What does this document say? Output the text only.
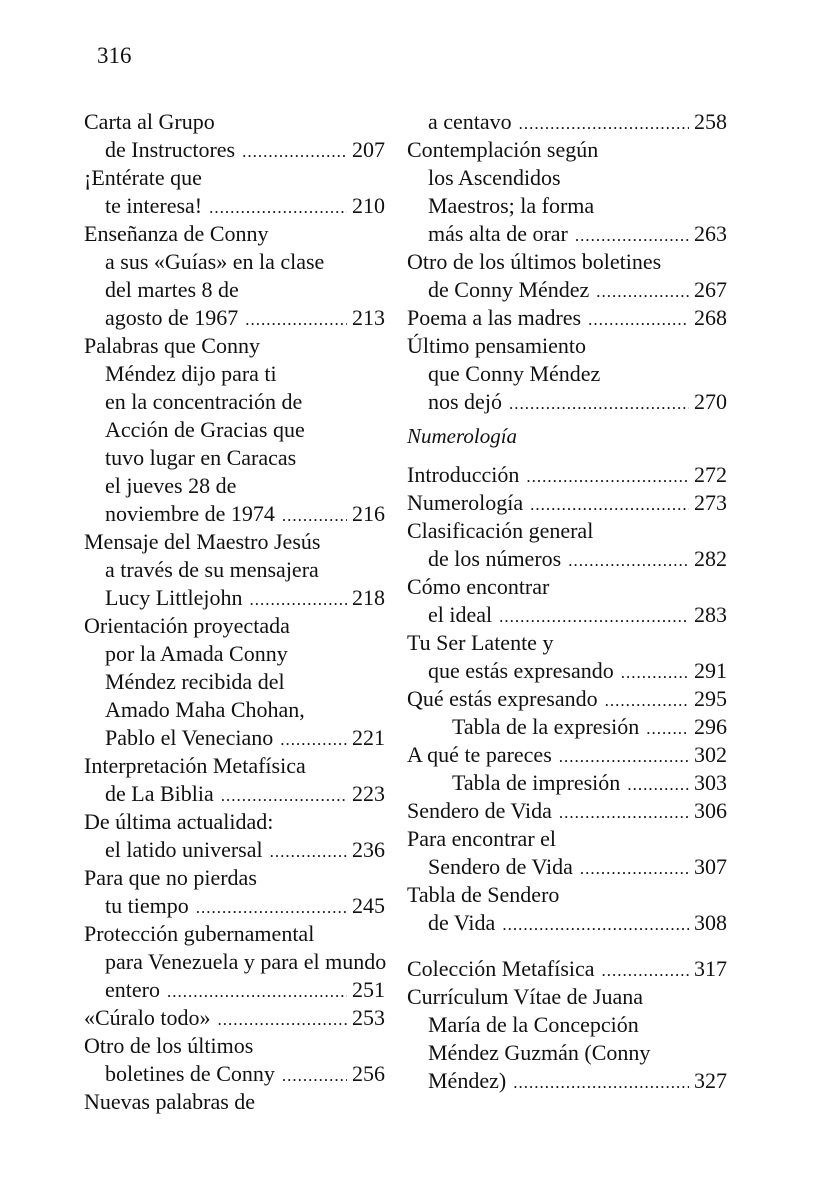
316
Carta al Grupo
de Instructores .....	207
¡Entérate que
te interesa! .....	210
Enseñanza de Conny
a sus «Guías» en la clase
del martes 8 de
agosto de 1967 .....	213
Palabras que Conny
Méndez dijo para ti
en la concentración de
Acción de Gracias que
tuvo lugar en Caracas
el jueves 28 de
noviembre de 1974 .....	216
Mensaje del Maestro Jesús
a través de su mensajera
Lucy Littlejohn .....	218
Orientación proyectada
por la Amada Conny
Méndez recibida del
Amado Maha Chohan,
Pablo el Veneciano .....	221
Interpretación Metafísica
de La Biblia .....	223
De última actualidad:
el latido universal .....	236
Para que no pierdas
tu tiempo .....	245
Protección gubernamental
para Venezuela y para el mundo
entero .....	251
«Cúralo todo» .....	253
Otro de los últimos
boletines de Conny .....	256
Nuevas palabras de
a centavo .....	258
Contemplación según
los Ascendidos
Maestros; la forma
más alta de orar .....	263
Otro de los últimos boletines
de Conny Méndez .....	267
Poema a las madres .....	268
Último pensamiento
que Conny Méndez
nos dejó .....	270
Numerología
Introducción .....	272
Numerología .....	273
Clasificación general
de los números .....	282
Cómo encontrar
el ideal .....	283
Tu Ser Latente y
que estás expresando .....	291
Qué estás expresando .....	295
Tabla de la expresión ..... 296
A qué te pareces .....	302
Tabla de impresión .....	303
Sendero de Vida .....	306
Para encontrar el
Sendero de Vida .....	307
Tabla de Sendero
de Vida .....	308
Colección Metafísica .....	317
Currículum Vítae de Juana
María de la Concepción
Méndez Guzmán (Conny
Méndez) .....	327
